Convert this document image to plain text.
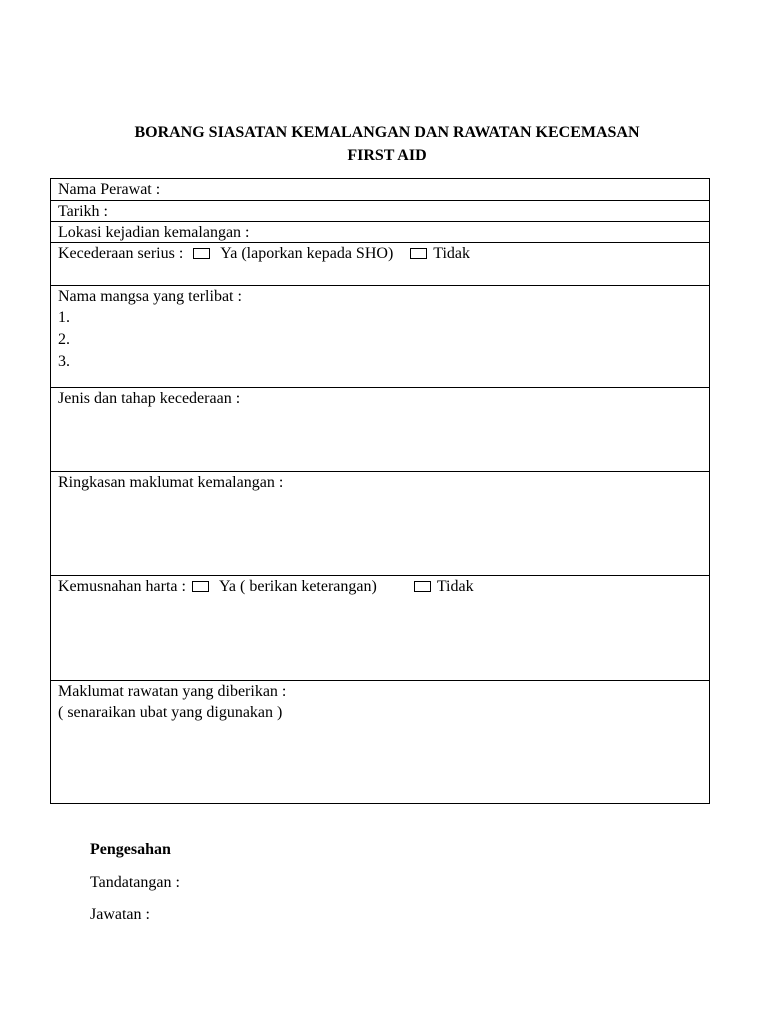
BORANG SIASATAN KEMALANGAN DAN RAWATAN KECEMASAN
FIRST AID
Nama Perawat :
Tarikh :
Lokasi kejadian kemalangan :
Kecederaan serius : Ya (laporkan kepada SHO)	Tidak
Nama mangsa yang terlibat :
1.
2.
3.
Jenis dan tahap kecederaan :
Ringkasan maklumat kemalangan :
Kemusnahan harta : Ya ( berikan keterangan)	Tidak
Maklumat rawatan yang diberikan :
( senaraikan ubat yang digunakan )
Pengesahan
Tandatangan :
Jawatan :
